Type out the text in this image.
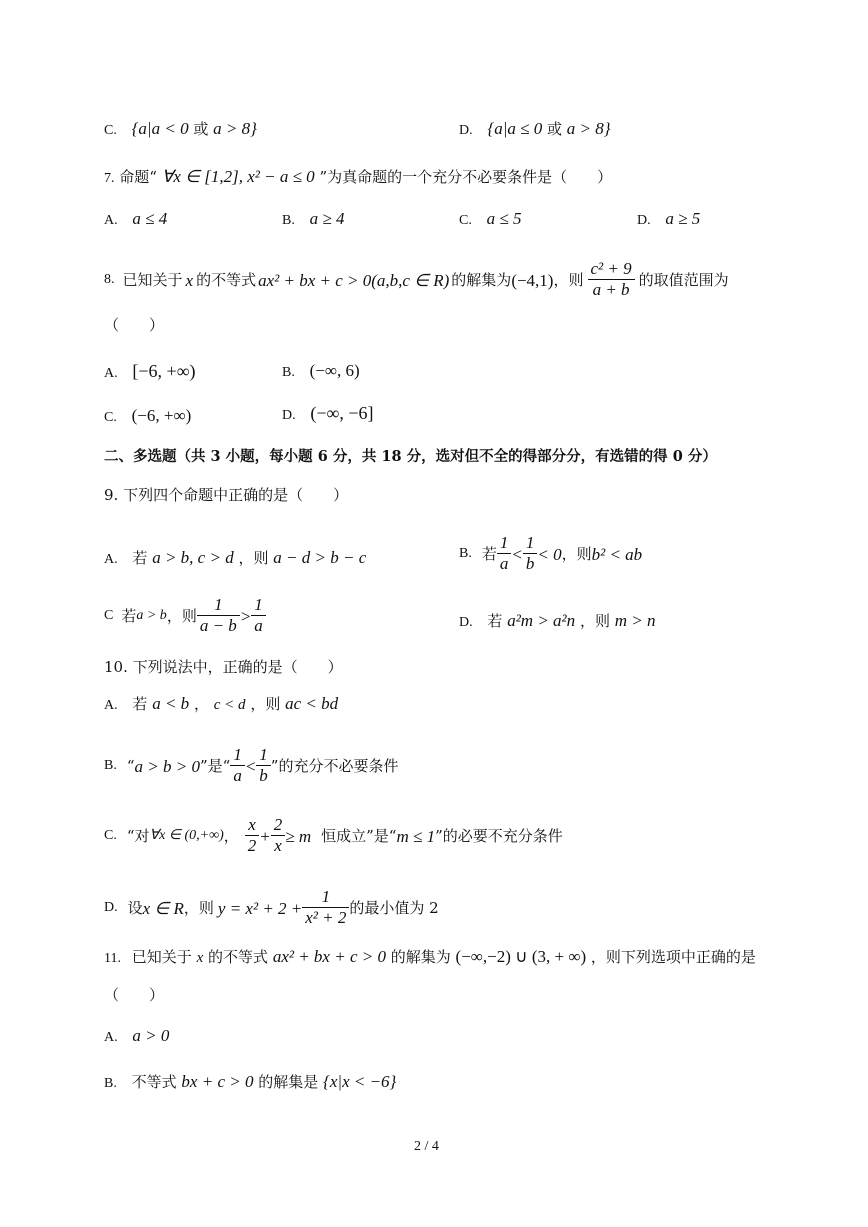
C. {a|a < 0 或 a > 8}	D. {a|a ≤ 0 或 a > 8}
7. 命题“ ∀x ∈ [1,2], x² − a ≤ 0 ”为真命题的一个充分不必要条件是（　　）
A. a ≤ 4	B. a ≥ 4	C. a ≤ 5	D. a ≥ 5
8. 已知关于 x 的不等式 ax² + bx + c > 0(a,b,c ∈ R) 的解集为 (−4,1) ，则 $\frac{\text{c² + 9}}{a + b}$ 的取值范围为
（　　）
A. [−6, +∞)	B. (−∞, 6)
C. (−6, +∞)	D. (−∞, −6]
二、多选题（共 3 小题，每小题 6 分，共 18 分，选对但不全的得部分分，有选错的得 0 分）
9. 下列四个命题中正确的是（　　）
A. 若 a > b, c > d ，则 a − d > b − c	B. 若 $\frac{1}{a} < \frac{1}{b} < 0$ ，则 b² < ab
C 若 a > b ，则 $\frac{1}{a - b} > \frac{1}{a}$	D. 若 a²m > a²n ，则 m > n
10. 下列说法中，正确的是（　　）
A. 若 a < b ， c < d ，则 ac < bd
B. “ a > b > 0 ”是“ $\frac{1}{a} < \frac{1}{b}$ ”的充分不必要条件
C. “对 ∀x ∈ (0,+∞) ， $\frac{x}{2} + \frac{2}{x} \ge m$ 恒成立”是“ m ≤ 1 ”的必要不充分条件
D. 设 x ∈ R ，则 $y = x^2 + 2 + \frac{1}{\text{x² + 2}}$ 的最小值为 2
11. 已知关于 x 的不等式 ax² + bx + c > 0 的解集为 (−∞,−2) ∪ (3, + ∞) ，则下列选项中正确的是
（　　）
A. a > 0
B. 不等式 bx + c > 0 的解集是 {x|x < −6}
2 / 4
